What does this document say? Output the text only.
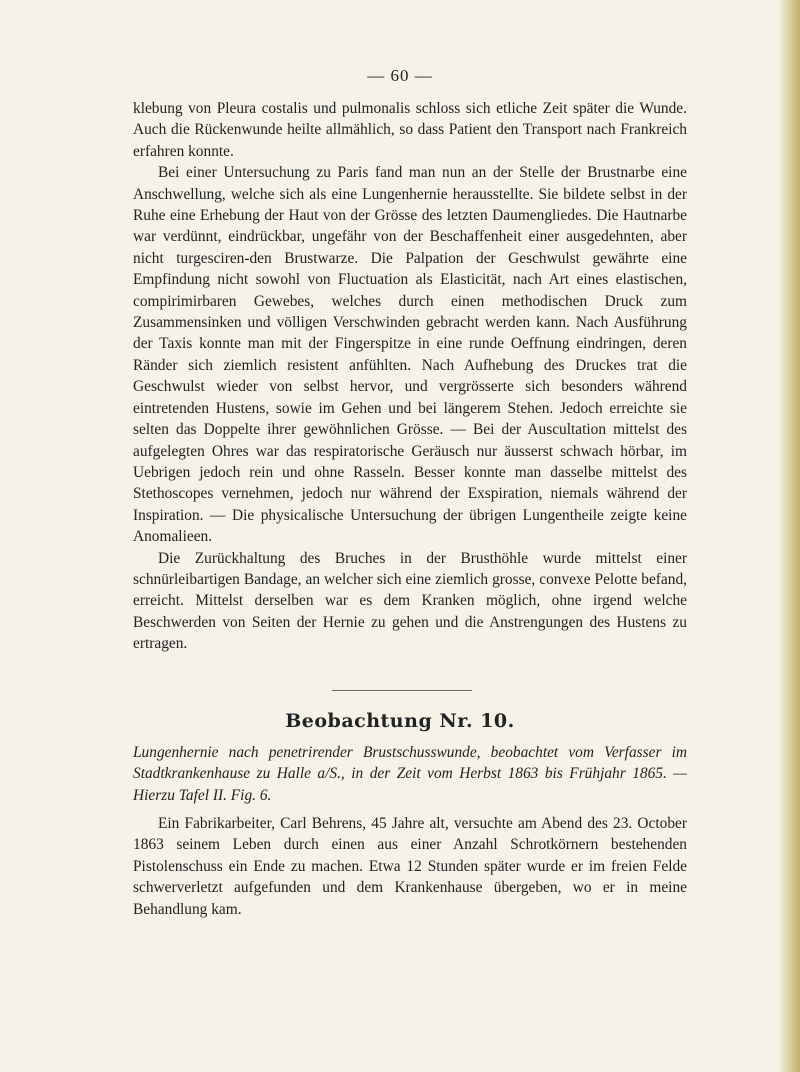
— 60 —

klebung von Pleura costalis und pulmonalis schloss sich etliche Zeit später die Wunde. Auch die Rückenwunde heilte allmählich, so dass Patient den Transport nach Frankreich erfahren konnte.

Bei einer Untersuchung zu Paris fand man nun an der Stelle der Brustnarbe eine Anschwellung, welche sich als eine Lungenhernie herausstellte. Sie bildete selbst in der Ruhe eine Erhebung der Haut von der Grösse des letzten Daumengliedes. Die Hautnarbe war verdünnt, eindrückbar, ungefähr von der Beschaffenheit einer ausgedehnten, aber nicht turgesciren-den Brustwarze. Die Palpation der Geschwulst gewährte eine Empfindung nicht sowohl von Fluctuation als Elasticität, nach Art eines elastischen, compirimirbaren Gewebes, welches durch einen methodischen Druck zum Zusammensinken und völligen Verschwinden gebracht werden kann. Nach Ausführung der Taxis konnte man mit der Fingerspitze in eine runde Oeffnung eindringen, deren Ränder sich ziemlich resistent anfühlten. Nach Aufhebung des Druckes trat die Geschwulst wieder von selbst hervor, und vergrösserte sich besonders während eintretenden Hustens, sowie im Gehen und bei längerem Stehen. Jedoch erreichte sie selten das Doppelte ihrer gewöhnlichen Grösse. — Bei der Auscultation mittelst des aufgelegten Ohres war das respiratorische Geräusch nur äusserst schwach hörbar, im Uebrigen jedoch rein und ohne Rasseln. Besser konnte man dasselbe mittelst des Stethoscopes vernehmen, jedoch nur während der Exspiration, niemals während der Inspiration. — Die physicalische Untersuchung der übrigen Lungentheile zeigte keine Anomalieen.

Die Zurückhaltung des Bruches in der Brusthöhle wurde mittelst einer schnürleibartigen Bandage, an welcher sich eine ziemlich grosse, convexe Pelotte befand, erreicht. Mittelst derselben war es dem Kranken möglich, ohne irgend welche Beschwerden von Seiten der Hernie zu gehen und die Anstrengungen des Hustens zu ertragen.

Beobachtung Nr. 10.
Lungenhernie nach penetrirender Brustschusswunde, beobachtet vom Verfasser im Stadtkrankenhause zu Halle a/S., in der Zeit vom Herbst 1863 bis Frühjahr 1865. — Hierzu Tafel II. Fig. 6.

Ein Fabrikarbeiter, Carl Behrens, 45 Jahre alt, versuchte am Abend des 23. October 1863 seinem Leben durch einen aus einer Anzahl Schrotkörnern bestehenden Pistolenschuss ein Ende zu machen. Etwa 12 Stunden später wurde er im freien Felde schwerverletzt aufgefunden und dem Krankenhause übergeben, wo er in meine Behandlung kam.
